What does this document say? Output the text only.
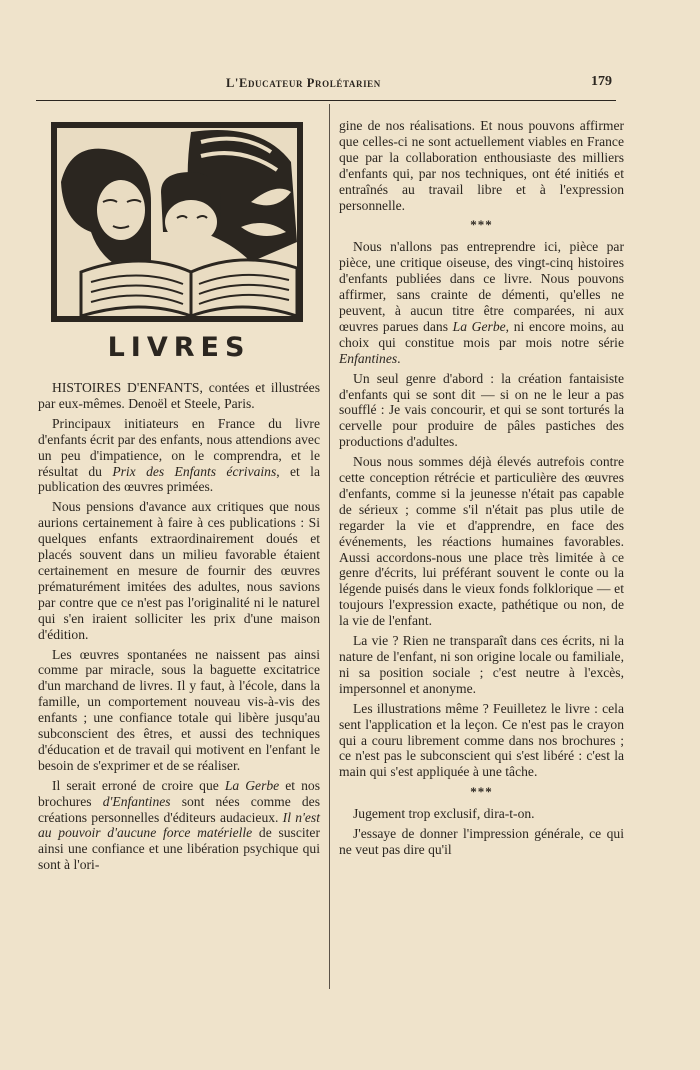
L'Educateur Prolétarien	179
LIVRES

HISTOIRES D'ENFANTS, contées et illustrées par eux-mêmes. Denoël et Steele, Paris.

Principaux initiateurs en France du livre d'enfants écrit par des enfants, nous attendions avec un peu d'impatience, on le comprendra, et le résultat du Prix des Enfants écrivains, et la publication des œuvres primées.

Nous pensions d'avance aux critiques que nous aurions certainement à faire à ces publications : Si quelques enfants extraordinairement doués et placés souvent dans un milieu favorable étaient certainement en mesure de fournir des œuvres prématurément imitées des adultes, nous savions par contre que ce n'est pas l'originalité ni le naturel qui s'en iraient solliciter les prix d'une maison d'édition.

Les œuvres spontanées ne naissent pas ainsi comme par miracle, sous la baguette excitatrice d'un marchand de livres. Il y faut, à l'école, dans la famille, un comportement nouveau vis-à-vis des enfants ; une confiance totale qui libère jusqu'au subconscient des êtres, et aussi des techniques d'éducation et de travail qui motivent en l'enfant le besoin de s'exprimer et de se réaliser.

Il serait erroné de croire que La Gerbe et nos brochures d'Enfantines sont nées comme des créations personnelles d'éditeurs audacieux. Il n'est au pouvoir d'aucune force matérielle de susciter ainsi une confiance et une libération psychique qui sont à l'ori-

gine de nos réalisations. Et nous pouvons affirmer que celles-ci ne sont actuellement viables en France que par la collaboration enthousiaste des milliers d'enfants qui, par nos techniques, ont été initiés et entraînés au travail libre et à l'expression personnelle.

***

Nous n'allons pas entreprendre ici, pièce par pièce, une critique oiseuse, des vingt-cinq histoires d'enfants publiées dans ce livre. Nous pouvons affirmer, sans crainte de démenti, qu'elles ne peuvent, à aucun titre être comparées, ni aux œuvres parues dans La Gerbe, ni encore moins, au choix qui constitue mois par mois notre série Enfantines.

Un seul genre d'abord : la création fantaisiste d'enfants qui se sont dit — si on ne le leur a pas soufflé : Je vais concourir, et qui se sont torturés la cervelle pour produire de pâles pastiches des productions d'adultes.

Nous nous sommes déjà élevés autrefois contre cette conception rétrécie et particulière des œuvres d'enfants, comme si la jeunesse n'était pas capable de sérieux ; comme s'il n'était pas plus utile de regarder la vie et d'apprendre, en face des événements, les réactions humaines favorables. Aussi accordons-nous une place très limitée à ce genre d'écrits, lui préférant souvent le conte ou la légende puisés dans le vieux fonds folklorique — et toujours l'expression exacte, pathétique ou non, de la vie de l'enfant.

La vie ? Rien ne transparaît dans ces écrits, ni la nature de l'enfant, ni son origine locale ou familiale, ni sa position sociale ; c'est neutre à l'excès, impersonnel et anonyme.

Les illustrations même ? Feuilletez le livre : cela sent l'application et la leçon. Ce n'est pas le crayon qui a couru librement comme dans nos brochures ; ce n'est pas le subconscient qui s'est libéré : c'est la main qui s'est appliquée à une tâche.

***

Jugement trop exclusif, dira-t-on.

J'essaye de donner l'impression générale, ce qui ne veut pas dire qu'il
